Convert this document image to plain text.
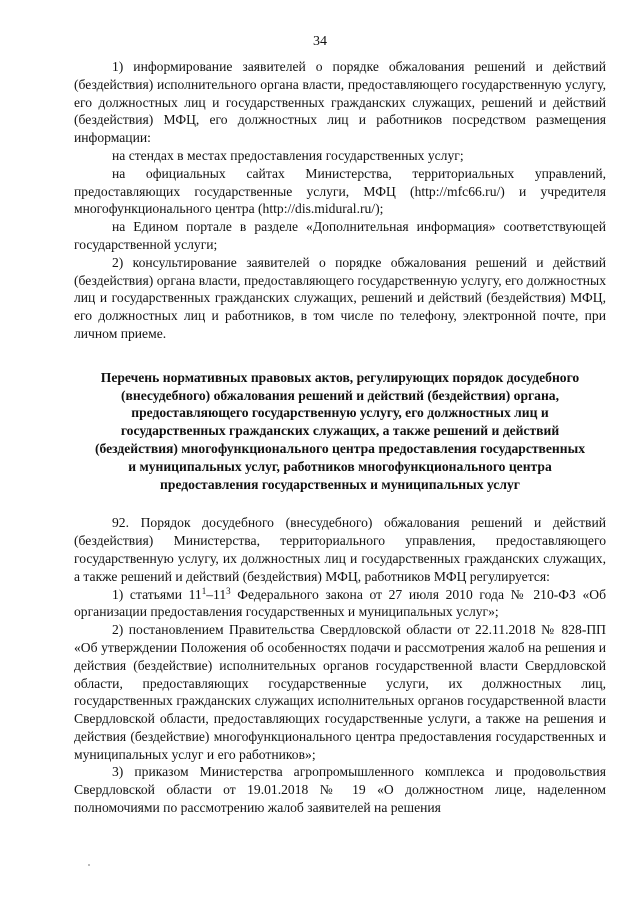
34

1) информирование заявителей о порядке обжалования решений и действий (бездействия) исполнительного органа власти, предоставляющего государственную услугу, его должностных лиц и государственных гражданских служащих, решений и действий (бездействия) МФЦ, его должностных лиц и работников посредством размещения информации:

на стендах в местах предоставления государственных услуг;

на официальных сайтах Министерства, территориальных управлений, предоставляющих государственные услуги, МФЦ (http://mfc66.ru/) и учредителя многофункционального центра (http://dis.midural.ru/);

на Едином портале в разделе «Дополнительная информация» соответствующей государственной услуги;

2) консультирование заявителей о порядке обжалования решений и действий (бездействия) органа власти, предоставляющего государственную услугу, его должностных лиц и государственных гражданских служащих, решений и действий (бездействия) МФЦ, его должностных лиц и работников, в том числе по телефону, электронной почте, при личном приеме.

Перечень нормативных правовых актов, регулирующих порядок досудебного (внесудебного) обжалования решений и действий (бездействия) органа, предоставляющего государственную услугу, его должностных лиц и государственных гражданских служащих, а также решений и действий (бездействия) многофункционального центра предоставления государственных и муниципальных услуг, работников многофункционального центра предоставления государственных и муниципальных услуг

92. Порядок досудебного (внесудебного) обжалования решений и действий (бездействия) Министерства, территориального управления, предоставляющего государственную услугу, их должностных лиц и государственных гражданских служащих, а также решений и действий (бездействия) МФЦ, работников МФЦ регулируется:

1) статьями $11^1-11^3$ Федерального закона от 27 июля 2010 года № 210-ФЗ «Об организации предоставления государственных и муниципальных услуг»;

2) постановлением Правительства Свердловской области от 22.11.2018 № 828-ПП «Об утверждении Положения об особенностях подачи и рассмотрения жалоб на решения и действия (бездействие) исполнительных органов государственной власти Свердловской области, предоставляющих государственные услуги, их должностных лиц, государственных гражданских служащих исполнительных органов государственной власти Свердловской области, предоставляющих государственные услуги, а также на решения и действия (бездействие) многофункционального центра предоставления государственных и муниципальных услуг и его работников»;

3) приказом Министерства агропромышленного комплекса и продовольствия Свердловской области от 19.01.2018 № 19 «О должностном лице, наделенном полномочиями по рассмотрению жалоб заявителей на решения
